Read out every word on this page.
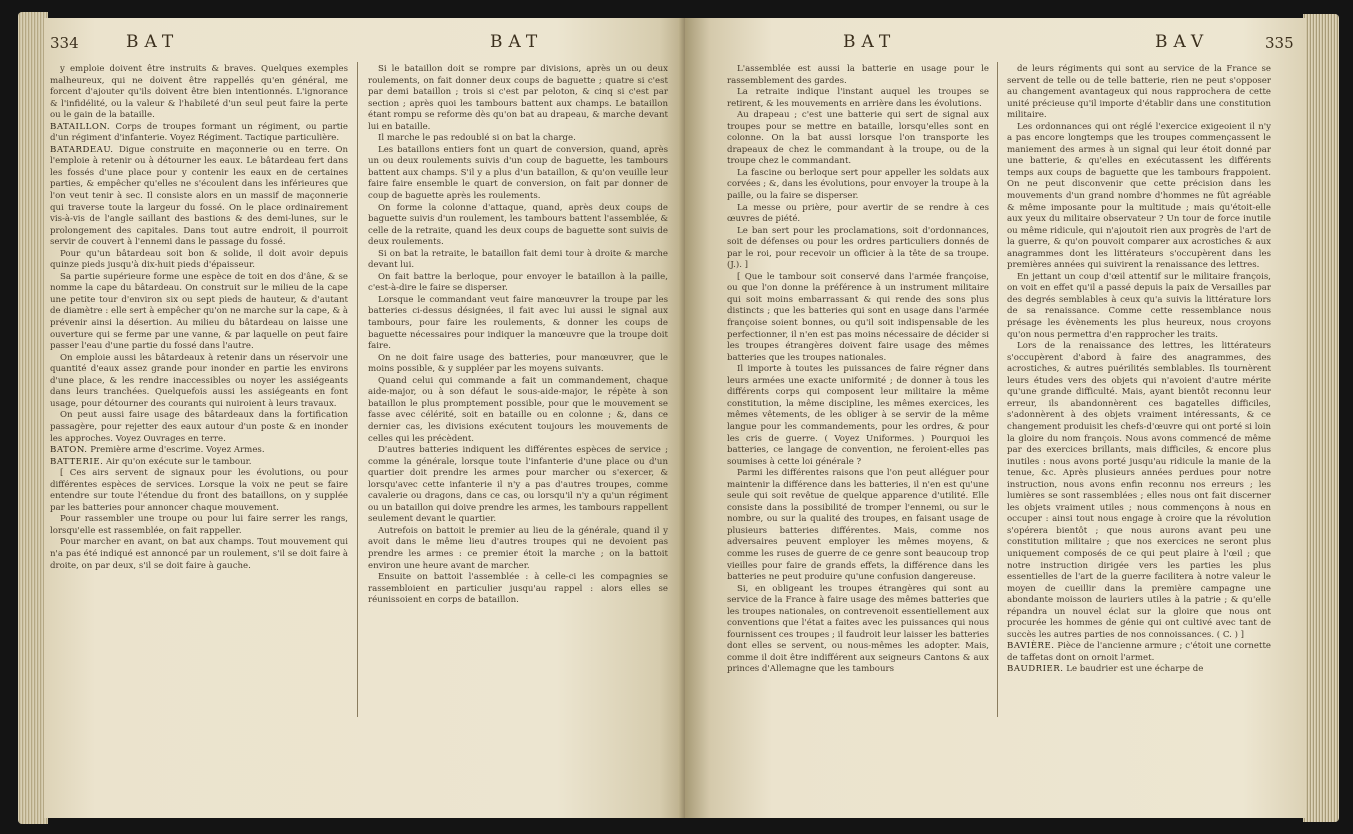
334	BAT	BAT

y emploie doivent être instruits & braves. Quelques exemples malheureux, qui ne doivent être rappellés qu'en général, me forcent d'ajouter qu'ils doivent être bien intentionnés. L'ignorance & l'infidélité, ou la valeur & l'habileté d'un seul peut faire la perte ou le gain de la bataille.

BATAILLON. Corps de troupes formant un régiment, ou partie d'un régiment d'infanterie. Voyez Régiment. Tactique particulière.

BATARDEAU. Digue construite en maçonnerie ou en terre. On l'emploie à retenir ou à détourner les eaux. Le bâtardeau fert dans les fossés d'une place pour y contenir les eaux en de certaines parties, & empêcher qu'elles ne s'écoulent dans les inférieures que l'on veut tenir à sec. Il consiste alors en un massif de maçonnerie qui traverse toute la largeur du fossé. On le place ordinairement vis-à-vis de l'angle saillant des bastions & des demi-lunes, sur le prolongement des capitales. Dans tout autre endroit, il pourroit servir de couvert à l'ennemi dans le passage du fossé.

Pour qu'un bâtardeau soit bon & solide, il doit avoir depuis quinze pieds jusqu'à dix-huit pieds d'épaisseur.

Sa partie supérieure forme une espèce de toit en dos d'âne, & se nomme la cape du bâtardeau. On construit sur le milieu de la cape une petite tour d'environ six ou sept pieds de hauteur, & d'autant de diamètre : elle sert à empêcher qu'on ne marche sur la cape, & à prévenir ainsi la désertion. Au milieu du bâtardeau on laisse une ouverture qui se ferme par une vanne, & par laquelle on peut faire passer l'eau d'une partie du fossé dans l'autre.

On emploie aussi les bâtardeaux à retenir dans un réservoir une quantité d'eaux assez grande pour inonder en partie les environs d'une place, & les rendre inaccessibles ou noyer les assiégeants dans leurs tranchées. Quelquefois aussi les assiégeants en font usage, pour détourner des courants qui nuiroient à leurs travaux.

On peut aussi faire usage des bâtardeaux dans la fortification passagère, pour rejetter des eaux autour d'un poste & en inonder les approches. Voyez Ouvrages en terre.

BATON. Première arme d'escrime. Voyez Armes.

BATTERIE. Air qu'on exécute sur le tambour.

[ Ces airs servent de signaux pour les évolutions, ou pour différentes espèces de services. Lorsque la voix ne peut se faire entendre sur toute l'étendue du front des bataillons, on y supplée par les batteries pour annoncer chaque mouvement.

Pour rassembler une troupe ou pour lui faire serrer les rangs, lorsqu'elle est rassemblée, on fait rappeller.

Pour marcher en avant, on bat aux champs. Tout mouvement qui n'a pas été indiqué est annoncé par un roulement, s'il se doit faire à droite, on par deux, s'il se doit faire à gauche.

Si le bataillon doit se rompre par divisions, après un ou deux roulements, on fait donner deux coups de baguette ; quatre si c'est par demi bataillon ; trois si c'est par peloton, & cinq si c'est par section ; après quoi les tambours battent aux champs. Le bataillon étant rompu se reforme dès qu'on bat au drapeau, & marche devant lui en bataille.

Il marche le pas redoublé si on bat la charge.

Les bataillons entiers font un quart de conversion, quand, après un ou deux roulements suivis d'un coup de baguette, les tambours battent aux champs. S'il y a plus d'un bataillon, & qu'on veuille leur faire faire ensemble le quart de conversion, on fait par donner de coup de baguette après les roulements.

On forme la colonne d'attaque, quand, après deux coups de baguette suivis d'un roulement, les tambours battent l'assemblée, & celle de la retraite, quand les deux coups de baguette sont suivis de deux roulements.

Si on bat la retraite, le bataillon fait demi tour à droite & marche devant lui.

On fait battre la berloque, pour envoyer le bataillon à la paille, c'est-à-dire le faire se disperser.

Lorsque le commandant veut faire manœuvrer la troupe par les batteries ci-dessus désignées, il fait avec lui aussi le signal aux tambours, pour faire les roulements, & donner les coups de baguette nécessaires pour indiquer la manœuvre que la troupe doit faire.

On ne doit faire usage des batteries, pour manœuvrer, que le moins possible, & y suppléer par les moyens suivants.

Quand celui qui commande a fait un commandement, chaque aide-major, ou à son défaut le sous-aide-major, le répète à son bataillon le plus promptement possible, pour que le mouvement se fasse avec célérité, soit en bataille ou en colonne ; &, dans ce dernier cas, les divisions exécutent toujours les mouvements de celles qui les précèdent.

D'autres batteries indiquent les différentes espèces de service ; comme la générale, lorsque toute l'infanterie d'une place ou d'un quartier doit prendre les armes pour marcher ou s'exercer, & lorsqu'avec cette infanterie il n'y a pas d'autres troupes, comme cavalerie ou dragons, dans ce cas, ou lorsqu'il n'y a qu'un régiment ou un bataillon qui doive prendre les armes, les tambours rappellent seulement devant le quartier.

Autrefois on battoit le premier au lieu de la générale, quand il y avoit dans le même lieu d'autres troupes qui ne devoient pas prendre les armes : ce premier étoit la marche ; on la battoit environ une heure avant de marcher.

Ensuite on battoit l'assemblée : à celle-ci les compagnies se rassembloient en particulier jusqu'au rappel : alors elles se réunissoient en corps de bataillon.

BAT	BAV	335

L'assemblée est aussi la batterie en usage pour le rassemblement des gardes.

La retraite indique l'instant auquel les troupes se retirent, & les mouvements en arrière dans les évolutions.

Au drapeau ; c'est une batterie qui sert de signal aux troupes pour se mettre en bataille, lorsqu'elles sont en colonne. On la bat aussi lorsque l'on transporte les drapeaux de chez le commandant à la troupe, ou de la troupe chez le commandant.

La fascine ou berloque sert pour appeller les soldats aux corvées ; &, dans les évolutions, pour envoyer la troupe à la paille, ou la faire se disperser.

La messe ou prière, pour avertir de se rendre à ces œuvres de piété.

Le ban sert pour les proclamations, soit d'ordonnances, soit de défenses ou pour les ordres particuliers donnés de par le roi, pour recevoir un officier à la tête de sa troupe. (J.). ]

[ Que le tambour soit conservé dans l'armée françoise, ou que l'on donne la préférence à un instrument militaire qui soit moins embarrassant & qui rende des sons plus distincts ; que les batteries qui sont en usage dans l'armée françoise soient bonnes, ou qu'il soit indispensable de les perfectionner, il n'en est pas moins nécessaire de décider si les troupes étrangères doivent faire usage des mêmes batteries que les troupes nationales.

Il importe à toutes les puissances de faire régner dans leurs armées une exacte uniformité ; de donner à tous les différents corps qui composent leur militaire la même constitution, la même discipline, les mêmes exercices, les mêmes vêtements, de les obliger à se servir de la même langue pour les commandements, pour les ordres, & pour les cris de guerre. ( Voyez Uniformes. ) Pourquoi les batteries, ce langage de convention, ne feroient-elles pas soumises à cette loi générale ?

Parmi les différentes raisons que l'on peut alléguer pour maintenir la différence dans les batteries, il n'en est qu'une seule qui soit revêtue de quelque apparence d'utilité. Elle consiste dans la possibilité de tromper l'ennemi, ou sur le nombre, ou sur la qualité des troupes, en faisant usage de plusieurs batteries différentes. Mais, comme nos adversaires peuvent employer les mêmes moyens, & comme les ruses de guerre de ce genre sont beaucoup trop vieilles pour faire de grands effets, la différence dans les batteries ne peut produire qu'une confusion dangereuse.

Si, en obligeant les troupes étrangères qui sont au service de la France à faire usage des mêmes batteries que les troupes nationales, on contrevenoit essentiellement aux conventions que l'état a faites avec les puissances qui nous fournissent ces troupes ; il faudroit leur laisser les batteries dont elles se servent, ou nous-mêmes les adopter. Mais, comme il doit être indifférent aux seigneurs Cantons & aux princes d'Allemagne que les tambours

de leurs régiments qui sont au service de la France se servent de telle ou de telle batterie, rien ne peut s'opposer au changement avantageux qui nous rapprochera de cette unité précieuse qu'il importe d'établir dans une constitution militaire.

Les ordonnances qui ont réglé l'exercice exigeoient il n'y a pas encore longtemps que les troupes commençassent le maniement des armes à un signal qui leur étoit donné par une batterie, & qu'elles en exécutassent les différents temps aux coups de baguette que les tambours frappoient. On ne peut disconvenir que cette précision dans les mouvements d'un grand nombre d'hommes ne fût agréable & même imposante pour la multitude ; mais qu'étoit-elle aux yeux du militaire observateur ? Un tour de force inutile ou même ridicule, qui n'ajoutoit rien aux progrès de l'art de la guerre, & qu'on pouvoit comparer aux acrostiches & aux anagrammes dont les littérateurs s'occupèrent dans les premières années qui suivirent la renaissance des lettres.

En jettant un coup d'œil attentif sur le militaire françois, on voit en effet qu'il a passé depuis la paix de Versailles par des degrés semblables à ceux qu'a suivis la littérature lors de sa renaissance. Comme cette ressemblance nous présage les évènements les plus heureux, nous croyons qu'on nous permettra d'en rapprocher les traits.

Lors de la renaissance des lettres, les littérateurs s'occupèrent d'abord à faire des anagrammes, des acrostiches, & autres puérilités semblables. Ils tournèrent leurs études vers des objets qui n'avoient d'autre mérite qu'une grande difficulté. Mais, ayant bientôt reconnu leur erreur, ils abandonnèrent ces bagatelles difficiles, s'adonnèrent à des objets vraiment intéressants, & ce changement produisit les chefs-d'œuvre qui ont porté si loin la gloire du nom françois. Nous avons commencé de même par des exercices brillants, mais difficiles, & encore plus inutiles : nous avons porté jusqu'au ridicule la manie de la tenue, &c. Après plusieurs années perdues pour notre instruction, nous avons enfin reconnu nos erreurs ; les lumières se sont rassemblées ; elles nous ont fait discerner les objets vraiment utiles ; nous commençons à nous en occuper : ainsi tout nous engage à croire que la révolution s'opérera bientôt ; que nous aurons avant peu une constitution militaire ; que nos exercices ne seront plus uniquement composés de ce qui peut plaire à l'œil ; que notre instruction dirigée vers les parties les plus essentielles de l'art de la guerre facilitera à notre valeur le moyen de cueillir dans la première campagne une abondante moisson de lauriers utiles à la patrie ; & qu'elle répandra un nouvel éclat sur la gloire que nous ont procurée les hommes de génie qui ont cultivé avec tant de succès les autres parties de nos connoissances. ( C. ) ]

BAVIÈRE. Pièce de l'ancienne armure ; c'étoit une cornette de taffetas dont on ornoit l'armet.

BAUDRIER. Le baudrier est une écharpe de
